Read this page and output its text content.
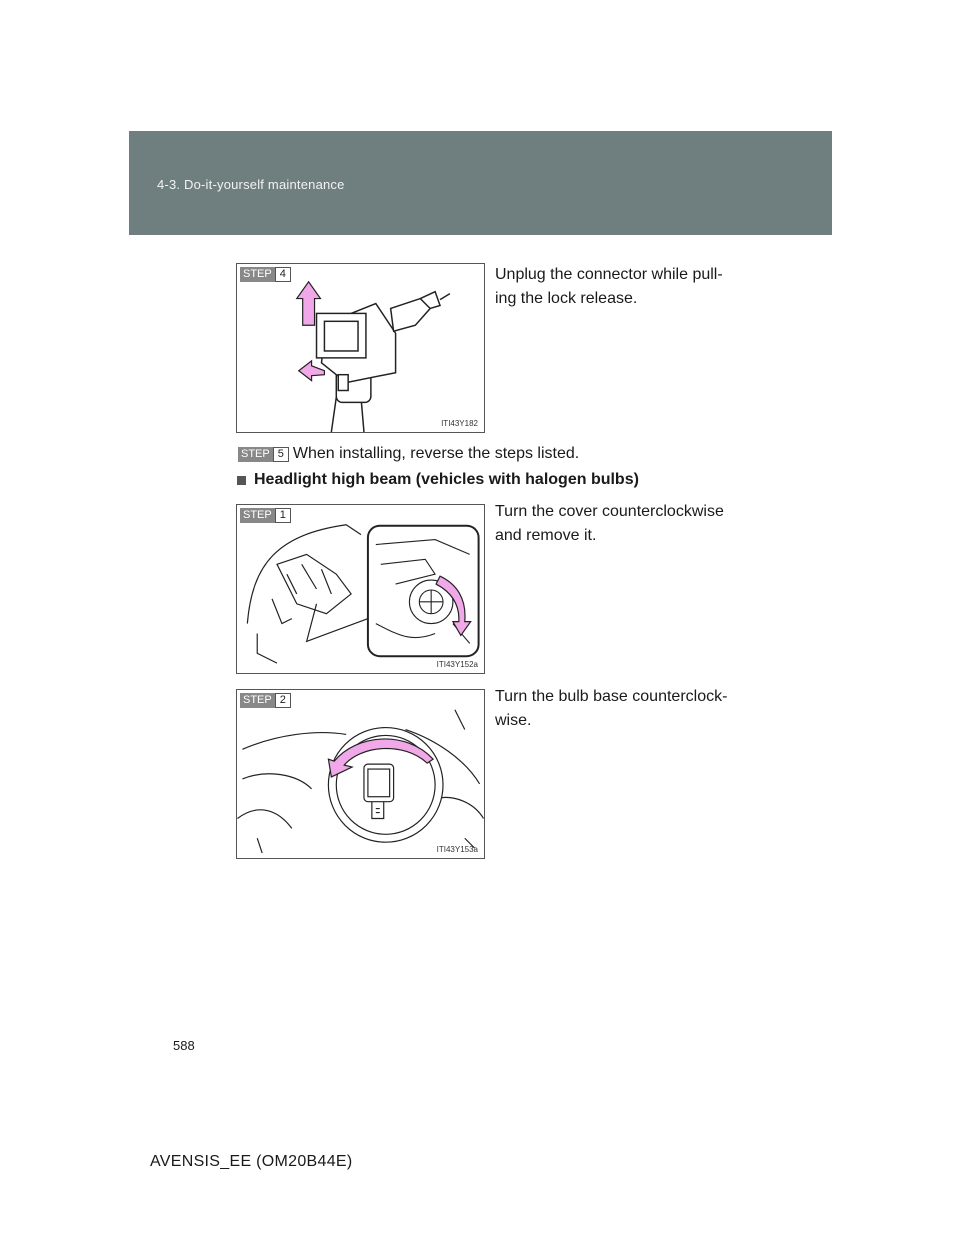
4-3. Do-it-yourself maintenance
STEP 4
ITI43Y182
Unplug the connector while pull-
ing the lock release.
STEP 5 When installing, reverse the steps listed.
Headlight high beam (vehicles with halogen bulbs)
STEP 1
ITI43Y152a
Turn the cover counterclockwise
and remove it.
STEP 2
ITI43Y153a
Turn the bulb base counterclock-
wise.
588
AVENSIS_EE (OM20B44E)
